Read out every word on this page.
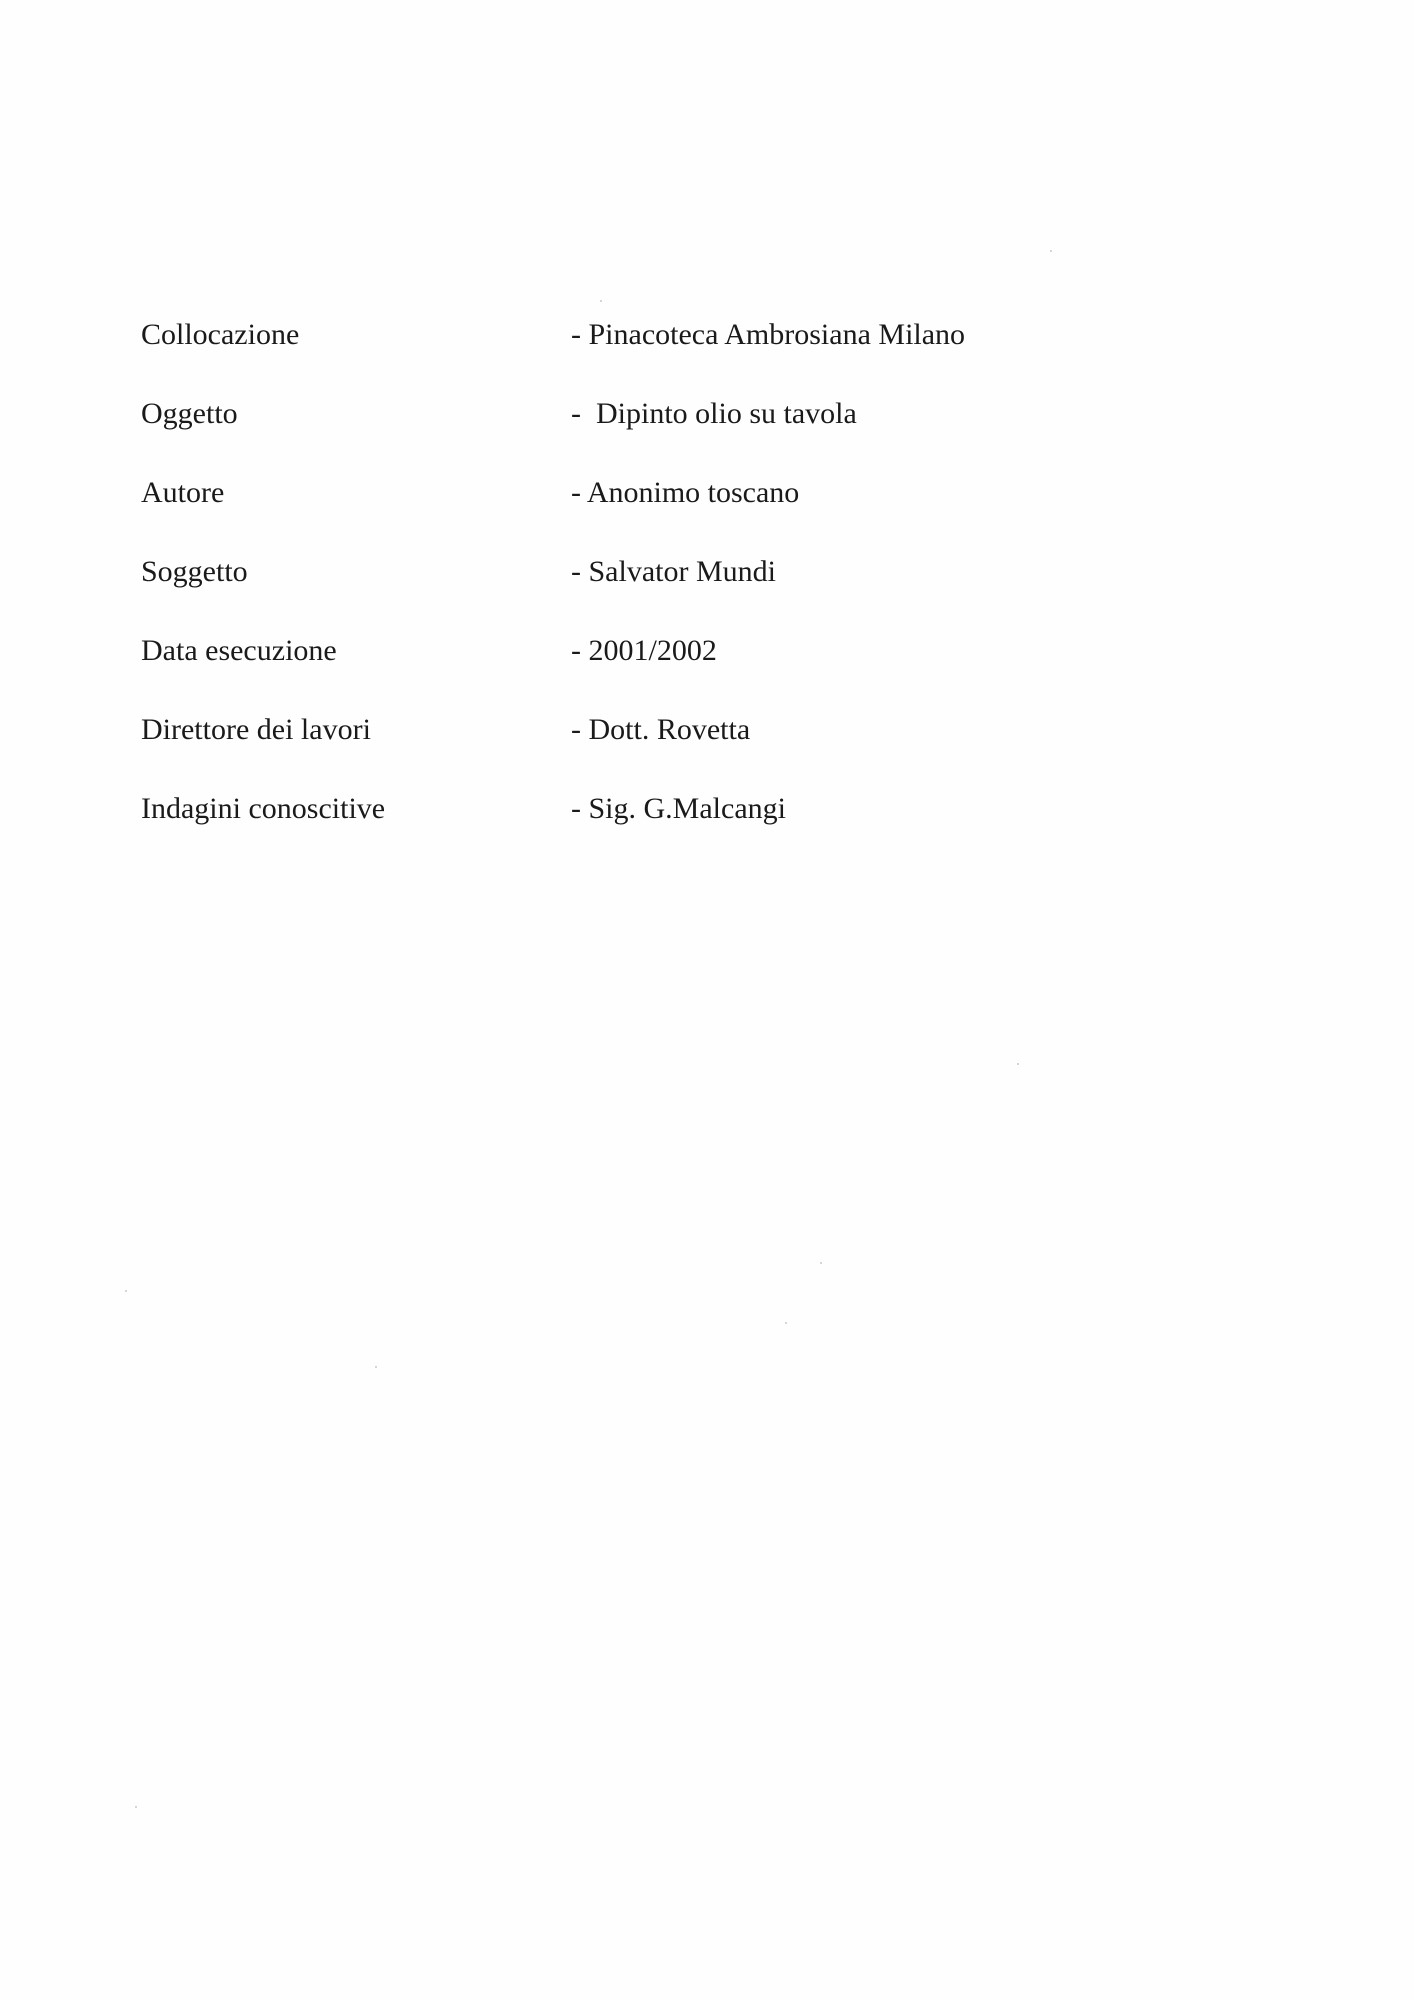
Collocazione	- Pinacoteca Ambrosiana Milano
Oggetto	-  Dipinto olio su tavola
Autore	- Anonimo toscano
Soggetto	- Salvator Mundi
Data esecuzione	- 2001/2002
Direttore dei lavori	- Dott. Rovetta
Indagini conoscitive	- Sig. G.Malcangi
